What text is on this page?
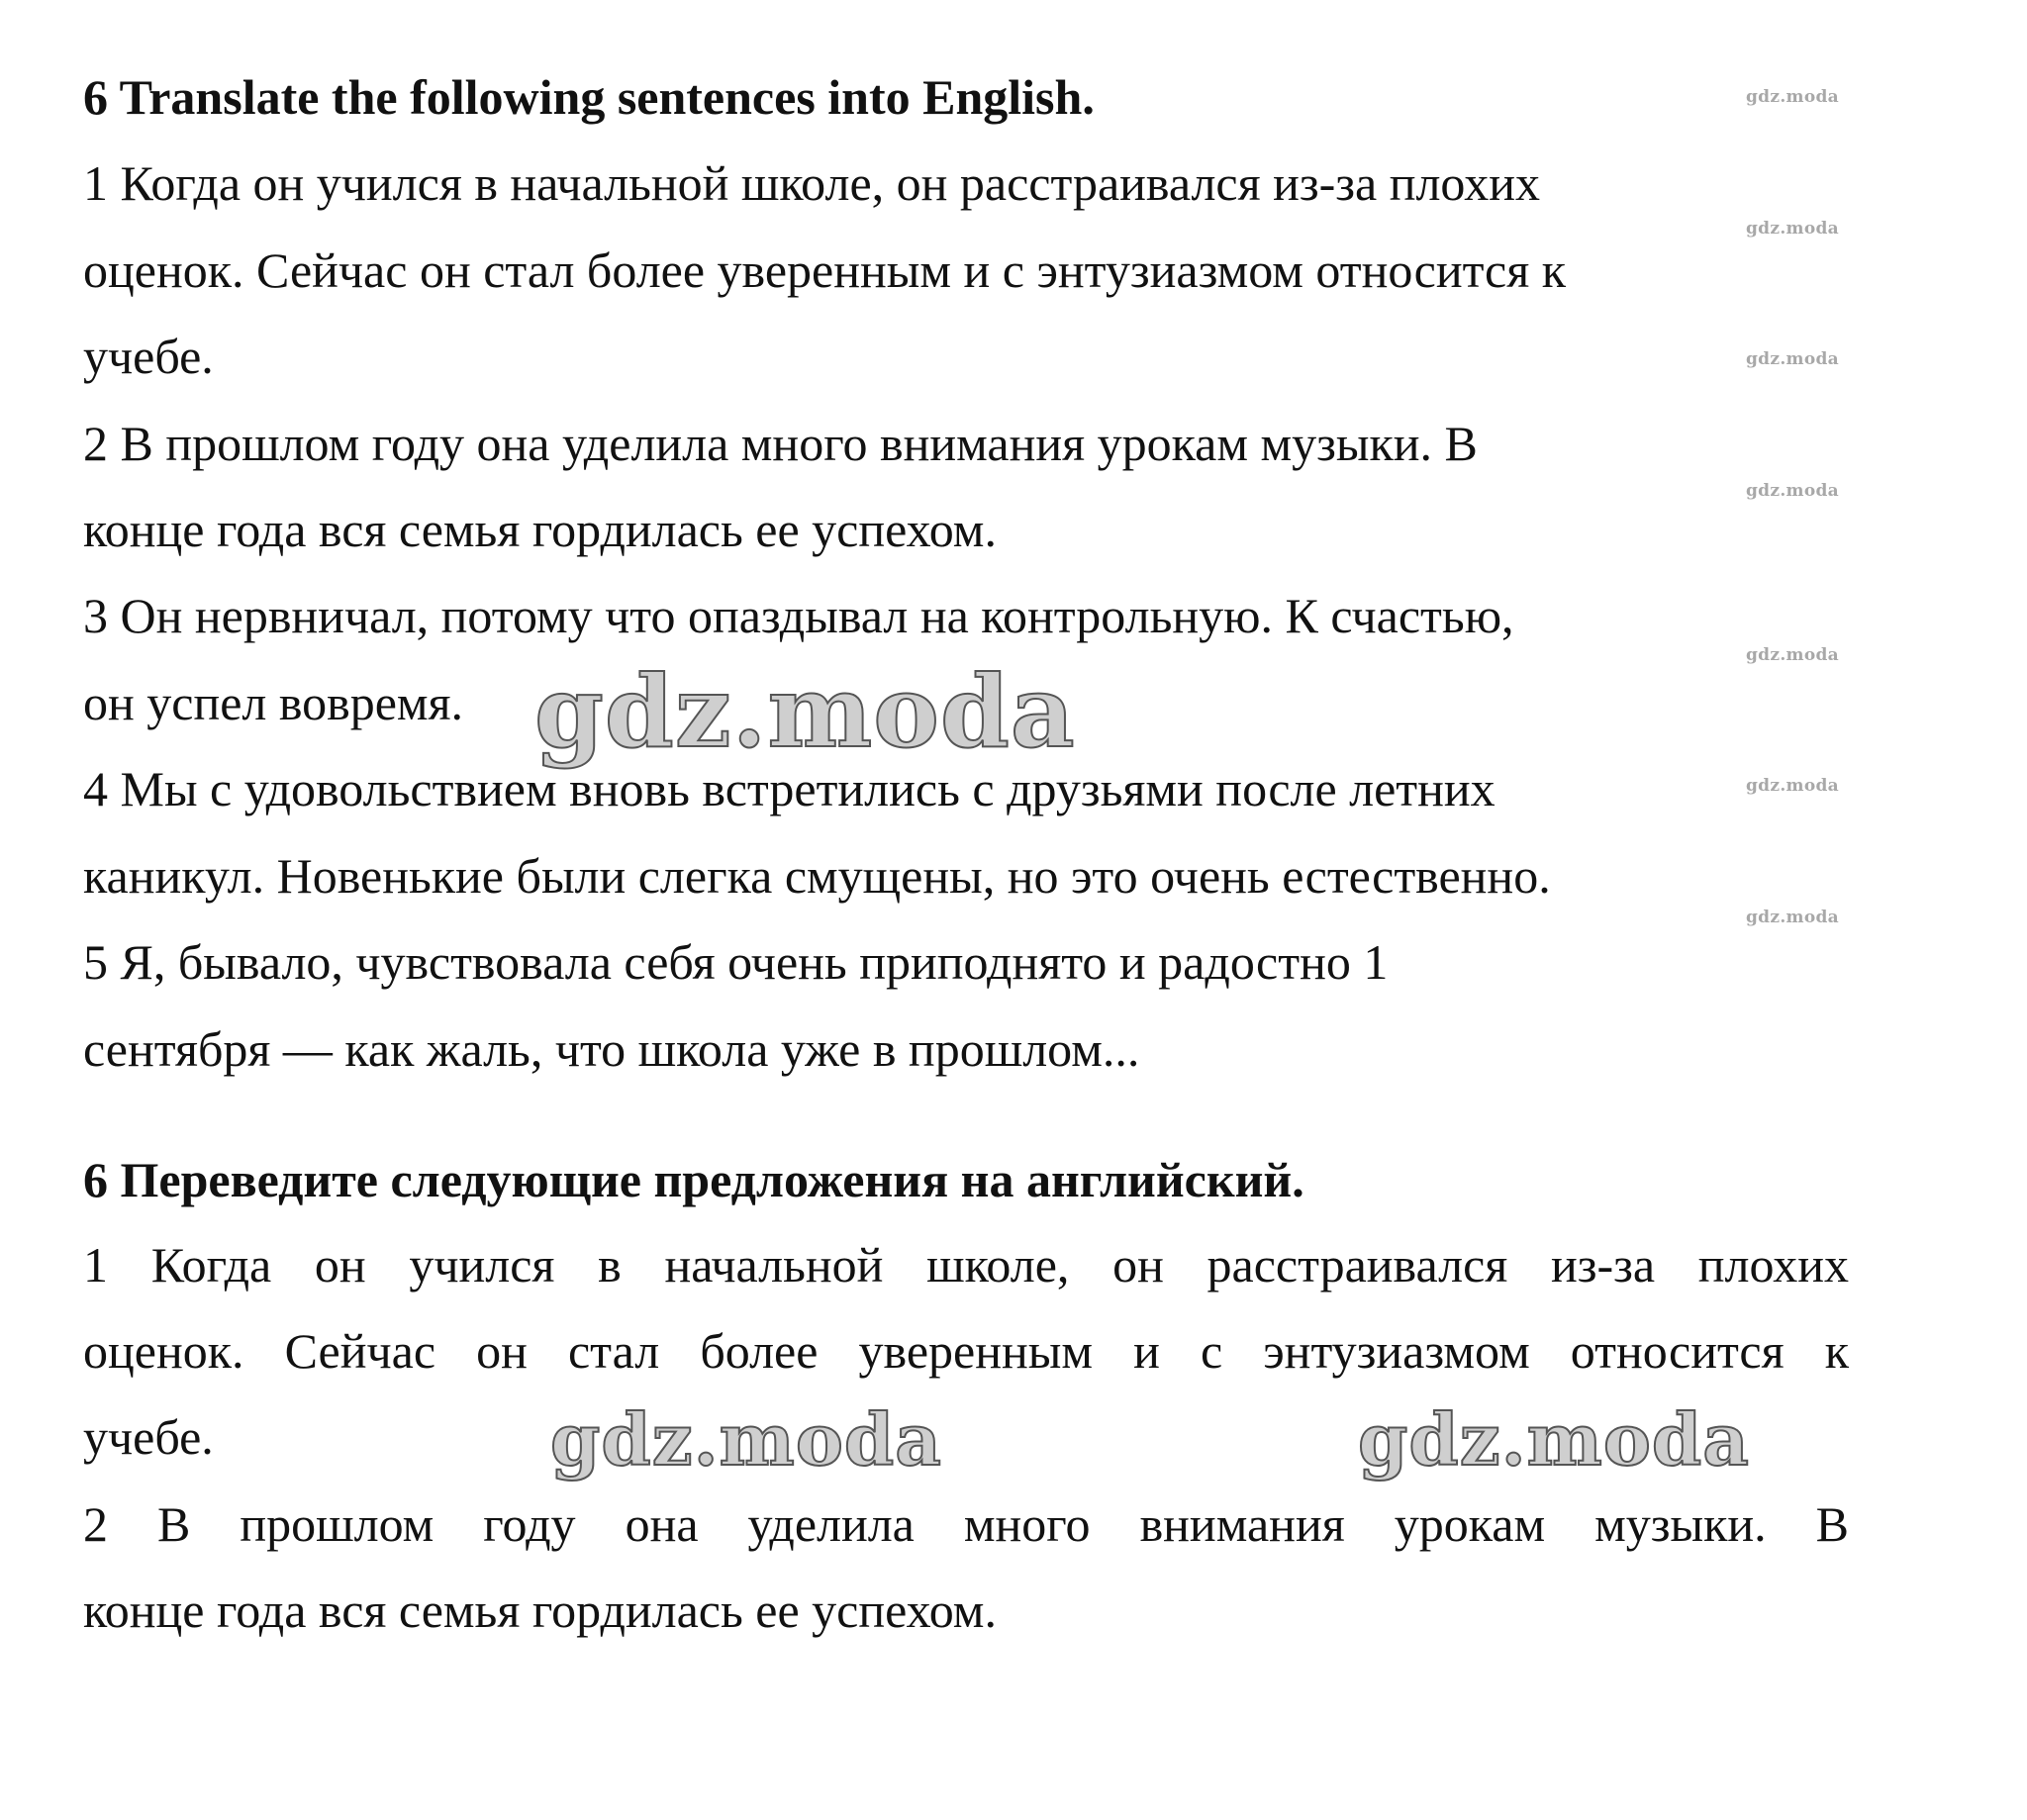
6 Translate the following sentences into English.
1 Когда он учился в начальной школе, он расстраивался из-за плохих
оценок. Сейчас он стал более уверенным и с энтузиазмом относится к
учебе.
2 В прошлом году она уделила много внимания урокам музыки. В
конце года вся семья гордилась ее успехом.
3 Он нервничал, потому что опаздывал на контрольную. К счастью,
он успел вовремя.
4 Мы с удовольствием вновь встретились с друзьями после летних
каникул. Новенькие были слегка смущены, но это очень естественно.
5 Я, бывало, чувствовала себя очень приподнято и радостно 1
сентября — как жаль, что школа уже в прошлом...
6 Переведите следующие предложения на английский.
1 Когда он учился в начальной школе, он расстраивался из-за плохих
оценок. Сейчас он стал более уверенным и с энтузиазмом относится к
учебе.
2 В прошлом году она уделила много внимания урокам музыки. В
конце года вся семья гордилась ее успехом.
gdz.moda
gdz.moda
gdz.moda
gdz.moda
gdz.moda
gdz.moda
gdz.moda
gdz.moda
gdz.moda	gdz.moda
